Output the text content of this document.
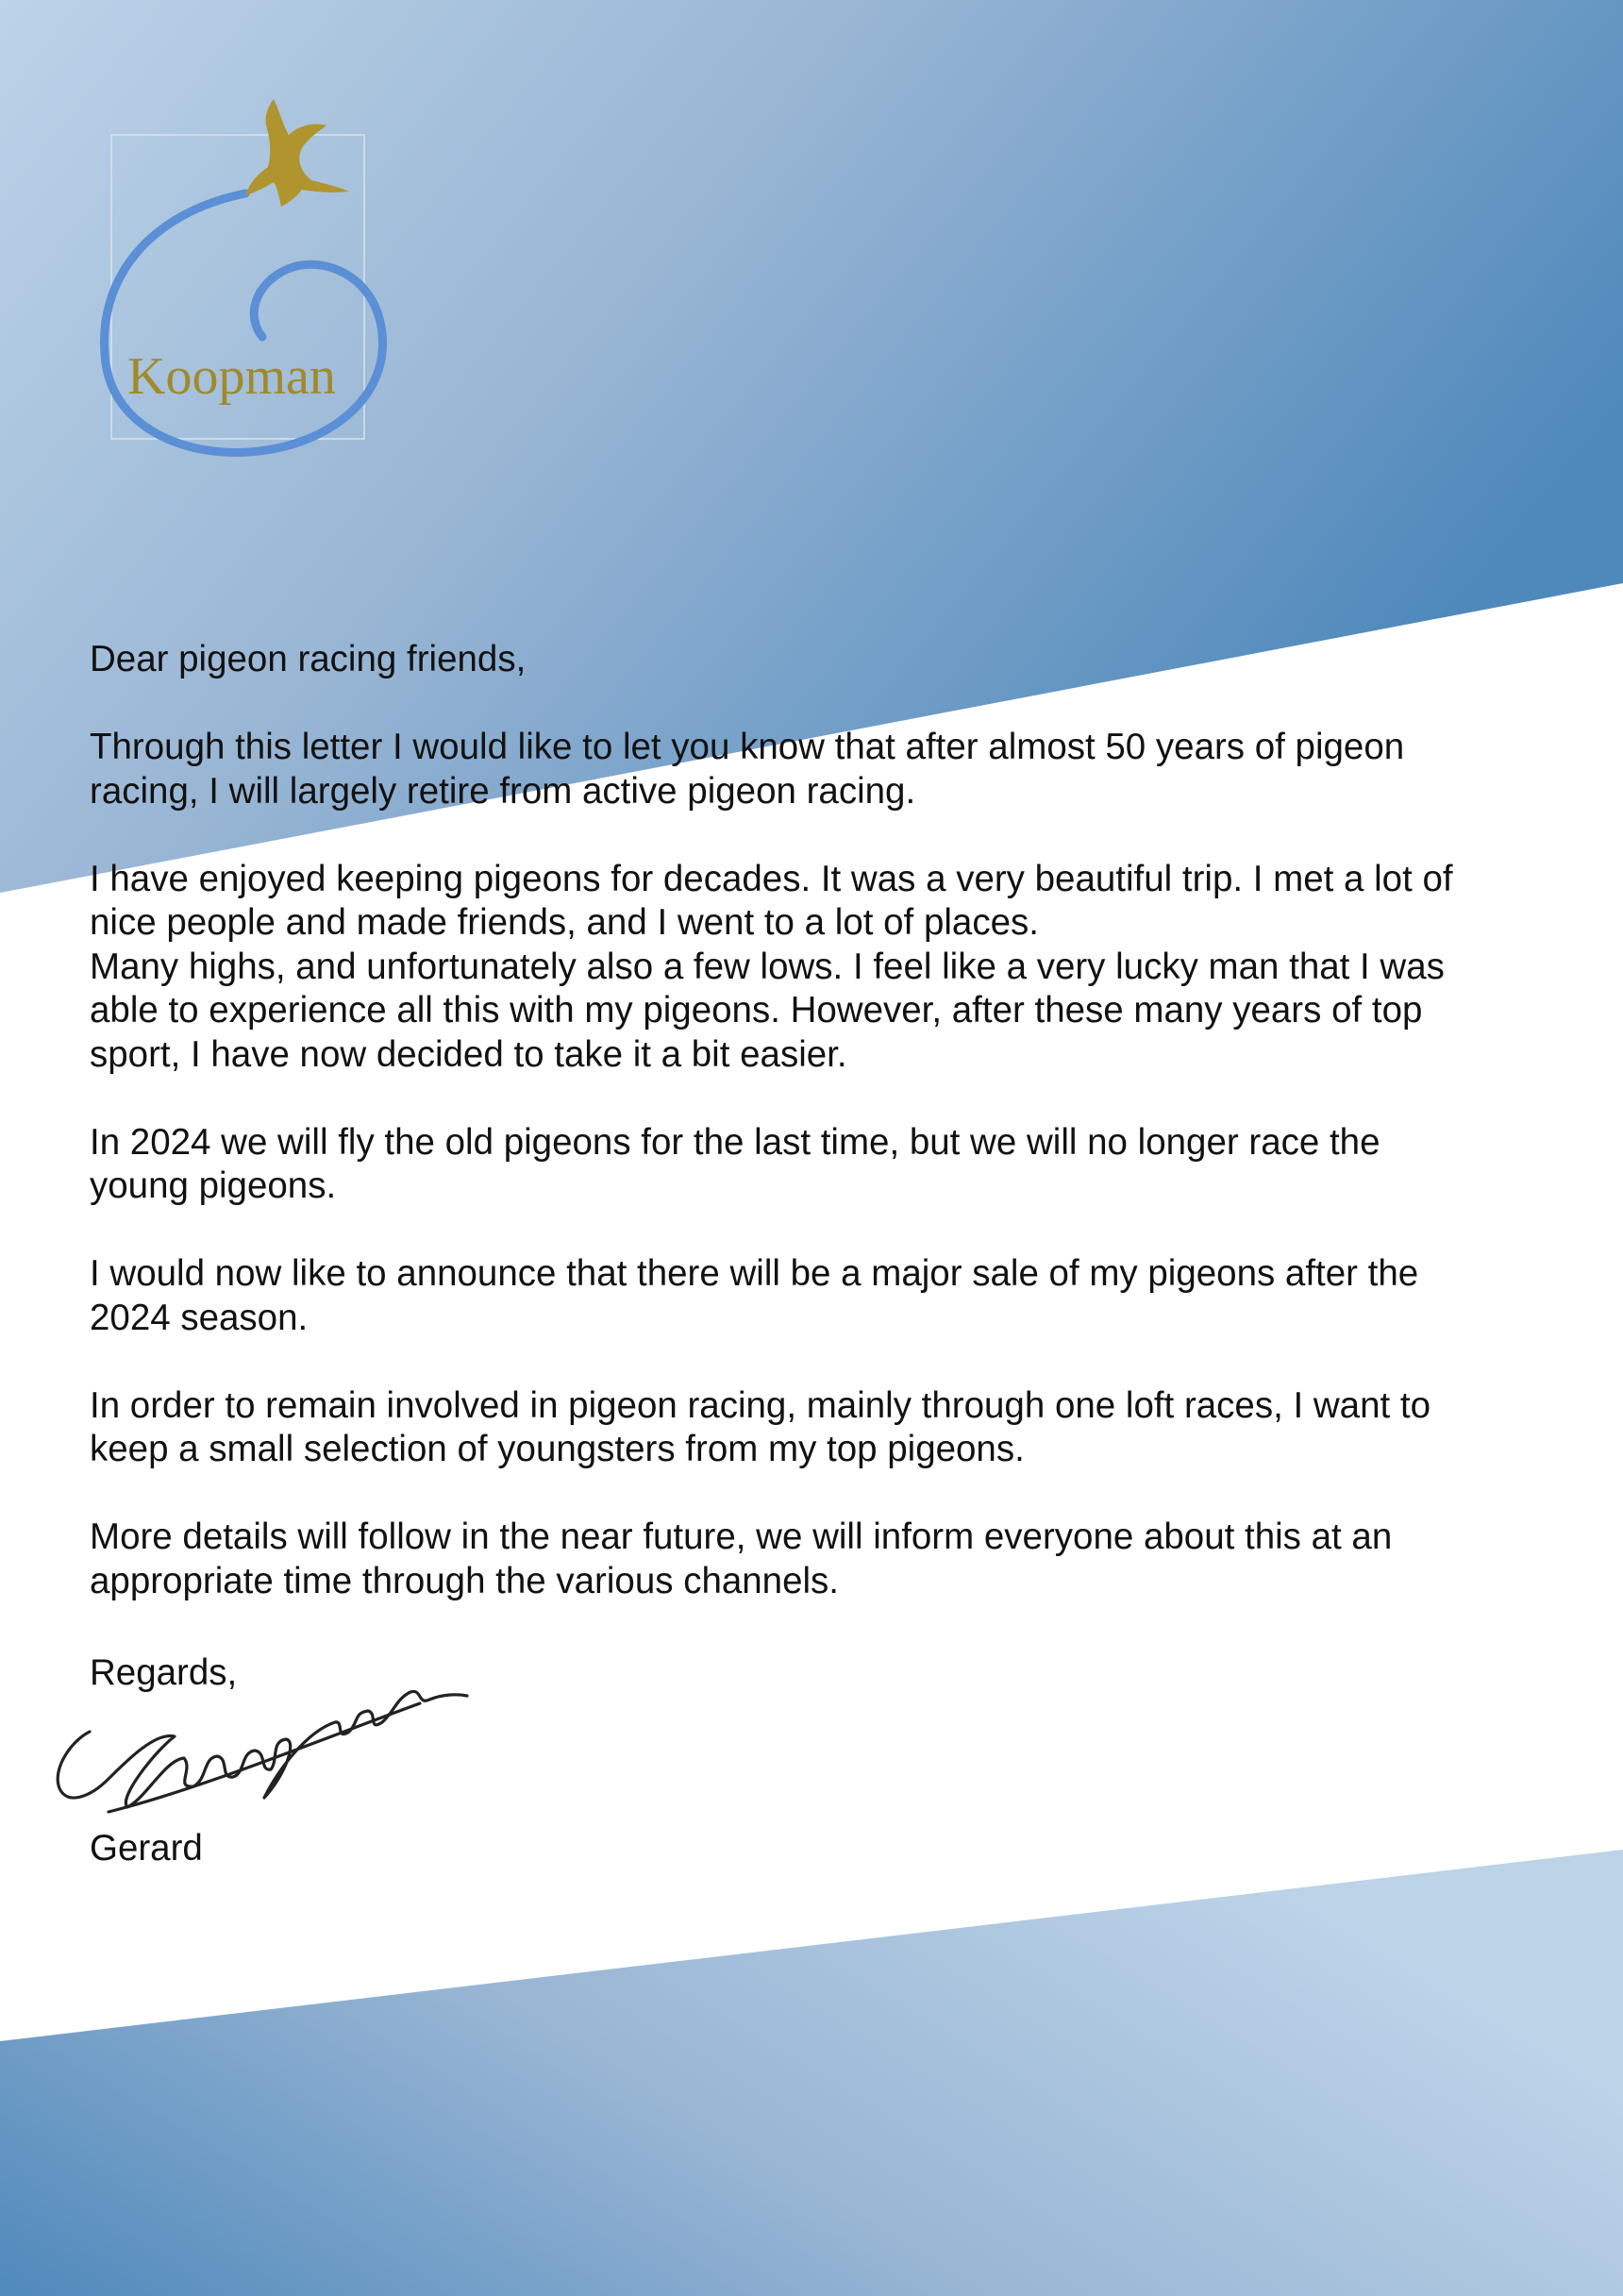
Koopman

Dear pigeon racing friends,

Through this letter I would like to let you know that after almost 50 years of pigeon
racing, I will largely retire from active pigeon racing.

I have enjoyed keeping pigeons for decades. It was a very beautiful trip. I met a lot of
nice people and made friends, and I went to a lot of places.

Many highs, and unfortunately also a few lows. I feel like a very lucky man that I was
able to experience all this with my pigeons. However, after these many years of top
sport, I have now decided to take it a bit easier.

In 2024 we will fly the old pigeons for the last time, but we will no longer race the
young pigeons.

I would now like to announce that there will be a major sale of my pigeons after the
2024 season.

In order to remain involved in pigeon racing, mainly through one loft races, I want to
keep a small selection of youngsters from my top pigeons.

More details will follow in the near future, we will inform everyone about this at an
appropriate time through the various channels.

Regards,
Gerard
